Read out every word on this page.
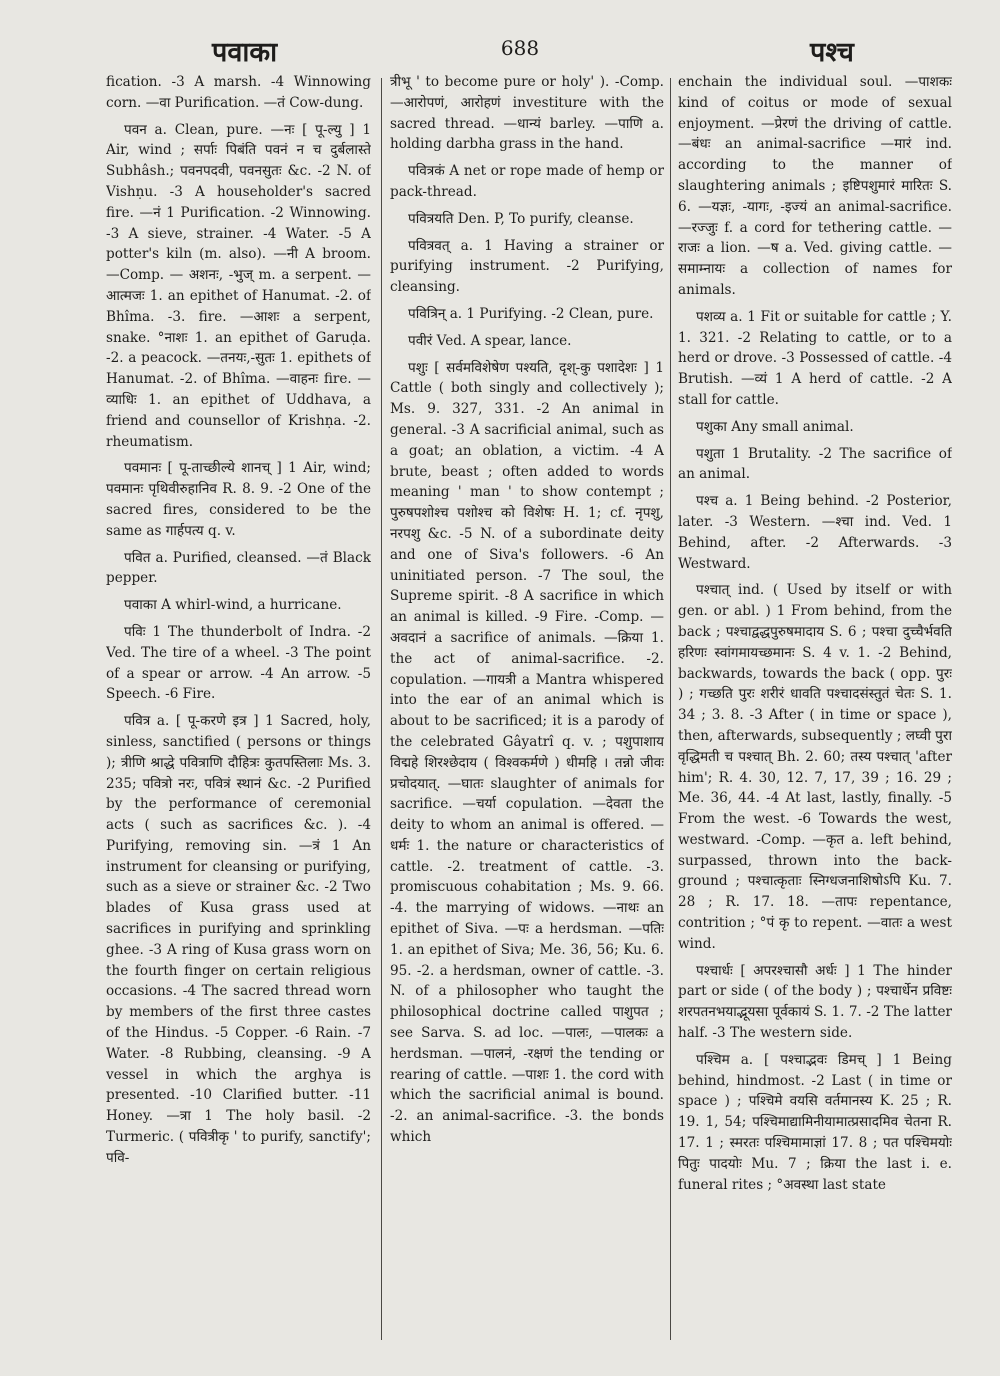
पवाका	688	पश्च

fication. -3 A marsh. -4 Winnowing corn. —वा Purification. —तं Cow-dung.

पवन a. Clean, pure. —नः [ पू-ल्यु ] 1 Air, wind ; सर्पाः पिबंति पवनं न च दुर्बलास्ते Subhâsh.; पवनपदवी, पवनसुतः &c. -2 N. of Vishṇu. -3 A householder's sacred fire. —नं 1 Purification. -2 Winnowing. -3 A sieve, strainer. -4 Water. -5 A potter's kiln (m. also). —नी A broom. —Comp. — अशनः, -भुज् m. a serpent. —आत्मजः 1. an epithet of Hanumat. -2. of Bhîma. -3. fire. —आशः a serpent, snake. °नाशः 1. an epithet of Garuḍa. -2. a peacock. —तनयः,-सुतः 1. epithets of Hanumat. -2. of Bhîma. —वाहनः fire. —व्याधिः 1. an epithet of Uddhava, a friend and counsellor of Krishṇa. -2. rheumatism.

पवमानः [ पू-ताच्छील्ये शानच् ] 1 Air, wind; पवमानः पृथिवीरुहानिव R. 8. 9. -2 One of the sacred fires, considered to be the same as गार्हपत्य q. v.

पवित a. Purified, cleansed. —तं Black pepper.

पवाका A whirl-wind, a hurricane.

पविः 1 The thunderbolt of Indra. -2 Ved. The tire of a wheel. -3 The point of a spear or arrow. -4 An arrow. -5 Speech. -6 Fire.

पवित्र a. [ पू-करणे इत्र ] 1 Sacred, holy, sinless, sanctified ( persons or things ); त्रीणि श्राद्धे पवित्राणि दौहित्रः कुतपस्तिलाः Ms. 3. 235; पवित्रो नरः, पवित्रं स्थानं &c. -2 Purified by the performance of ceremonial acts ( such as sacrifices &c. ). -4 Purifying, removing sin. —त्रं 1 An instrument for cleansing or purifying, such as a sieve or strainer &c. -2 Two blades of Kusa grass used at sacrifices in purifying and sprinkling ghee. -3 A ring of Kusa grass worn on the fourth finger on certain religious occasions. -4 The sacred thread worn by members of the first three castes of the Hindus. -5 Copper. -6 Rain. -7 Water. -8 Rubbing, cleansing. -9 A vessel in which the arghya is presented. -10 Clarified butter. -11 Honey. —त्रा 1 The holy basil. -2 Turmeric. ( पवित्रीकृ ' to purify, sanctify'; पवि-

त्रीभू ' to become pure or holy' ). -Comp. —आरोपणं, आरोहणं investiture with the sacred thread. —धान्यं barley. —पाणि a. holding darbha grass in the hand.

पवित्रकं A net or rope made of hemp or pack-thread.

पवित्रयति Den. P, To purify, cleanse.

पवित्रवत् a. 1 Having a strainer or purifying instrument. -2 Purifying, cleansing.

पवित्रिन् a. 1 Purifying. -2 Clean, pure.

पवीरं Ved. A spear, lance.

पशुः [ सर्वमविशेषेण पश्यति, दृश्-कु पशादेशः ] 1 Cattle ( both singly and collectively ); Ms. 9. 327, 331. -2 An animal in general. -3 A sacrificial animal, such as a goat; an oblation, a victim. -4 A brute, beast ; often added to words meaning ' man ' to show contempt ; पुरुषपशोश्च पशोश्च को विशेषः H. 1; cf. नृपशु, नरपशु &c. -5 N. of a subordinate deity and one of Siva's followers. -6 An uninitiated person. -7 The soul, the Supreme spirit. -8 A sacrifice in which an animal is killed. -9 Fire. -Comp. — अवदानं a sacrifice of animals. —क्रिया 1. the act of animal-sacrifice. -2. copulation. —गायत्री a Mantra whispered into the ear of an animal which is about to be sacrificed; it is a parody of the celebrated Gâyatrî q. v. ; पशुपाशाय विद्महे शिरश्छेदाय ( विश्वकर्मणे ) धीमहि । तन्नो जीवः प्रचोदयात्. —घातः slaughter of animals for sacrifice. —चर्या copulation. —देवता the deity to whom an animal is offered. —धर्मः 1. the nature or characteristics of cattle. -2. treatment of cattle. -3. promiscuous cohabitation ; Ms. 9. 66. -4. the marrying of widows. —नाथः an epithet of Siva. —पः a herdsman. —पतिः 1. an epithet of Siva; Me. 36, 56; Ku. 6. 95. -2. a herdsman, owner of cattle. -3. N. of a philosopher who taught the philosophical doctrine called पाशुपत ; see Sarva. S. ad loc. —पालः, —पालकः a herdsman. —पालनं, -रक्षणं the tending or rearing of cattle. —पाशः 1. the cord with which the sacrificial animal is bound. -2. an animal-sacrifice. -3. the bonds which

enchain the individual soul. —पाशकः kind of coitus or mode of sexual enjoyment. —प्रेरणं the driving of cattle. —बंधः an animal-sacrifice —मारं ind. according to the manner of slaughtering animals ; इष्टिपशुमारं मारितः S. 6. —यज्ञः, -यागः, -इज्यं an animal-sacrifice. —रज्जुः f. a cord for tethering cattle. —राजः a lion. —ष a. Ved. giving cattle. —समाम्नायः a collection of names for animals.

पशव्य a. 1 Fit or suitable for cattle ; Y. 1. 321. -2 Relating to cattle, or to a herd or drove. -3 Possessed of cattle. -4 Brutish. —व्यं 1 A herd of cattle. -2 A stall for cattle.

पशुका Any small animal.

पशुता 1 Brutality. -2 The sacrifice of an animal.

पश्च a. 1 Being behind. -2 Posterior, later. -3 Western. —श्चा ind. Ved. 1 Behind, after. -2 Afterwards. -3 Westward.

पश्चात् ind. ( Used by itself or with gen. or abl. ) 1 From behind, from the back ; पश्चाद्वद्धपुरुषमादाय S. 6 ; पश्चा दुच्चैर्भवति हरिणः स्वांगमायच्छमानः S. 4 v. 1. -2 Behind, backwards, towards the back ( opp. पुरः ) ; गच्छति पुरः शरीरं धावति पश्चादसंस्तुतं चेतः S. 1. 34 ; 3. 8. -3 After ( in time or space ), then, afterwards, subsequently ; लघ्वी पुरा वृद्धिमती च पश्चात् Bh. 2. 60; तस्य पश्चात् 'after him'; R. 4. 30, 12. 7, 17, 39 ; 16. 29 ; Me. 36, 44. -4 At last, lastly, finally. -5 From the west. -6 Towards the west, westward. -Comp. —कृत a. left behind, surpassed, thrown into the back-ground ; पश्चात्कृताः स्निग्धजनाशिषोऽपि Ku. 7. 28 ; R. 17. 18. —तापः repentance, contrition ; °पं कृ to repent. —वातः a west wind.

पश्चार्धः [ अपरश्चासौ अर्धः ] 1 The hinder part or side ( of the body ) ; पश्चार्धेन प्रविष्टः शरपतनभयाद्भूयसा पूर्वकायं S. 1. 7. -2 The latter half. -3 The western side.

पश्चिम a. [ पश्चाद्भवः डिमच् ] 1 Being behind, hindmost. -2 Last ( in time or space ) ; पश्चिमे वयसि वर्तमानस्य K. 25 ; R. 19. 1, 54; पश्चिमाद्यामिनीयामात्प्रसादमिव चेतना R. 17. 1 ; स्मरतः पश्चिमामाज्ञां 17. 8 ; पत पश्चिमयोः पितुः पादयोः Mu. 7 ; क्रिया the last i. e. funeral rites ; °अवस्था last state
